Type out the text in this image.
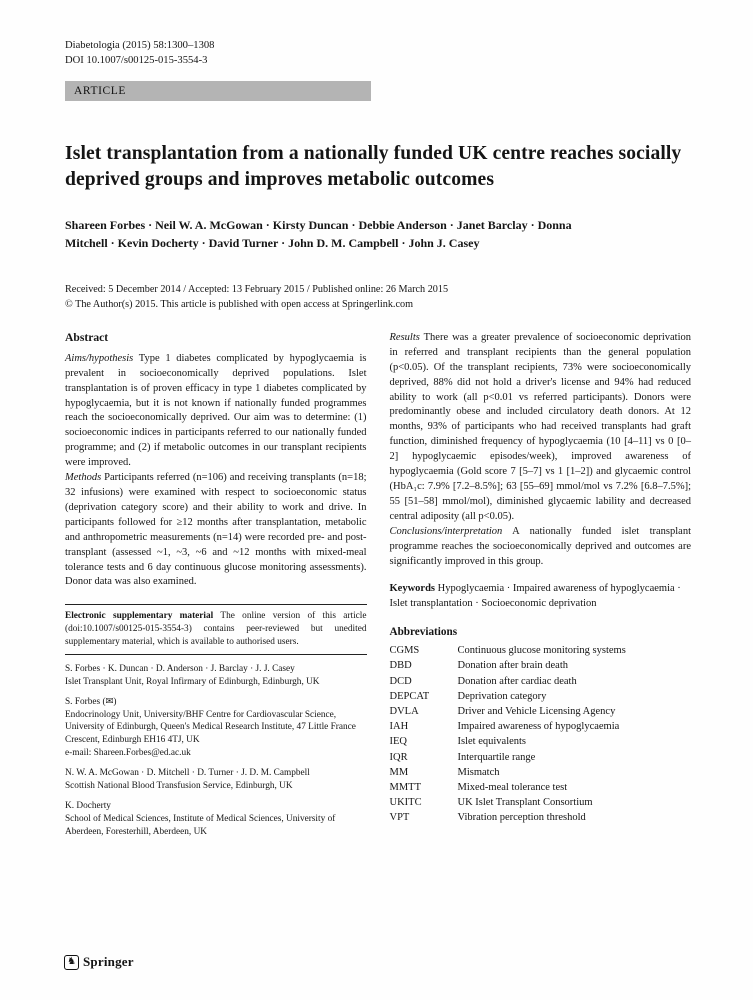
Diabetologia (2015) 58:1300–1308
DOI 10.1007/s00125-015-3554-3
ARTICLE
Islet transplantation from a nationally funded UK centre reaches socially deprived groups and improves metabolic outcomes
Shareen Forbes · Neil W. A. McGowan · Kirsty Duncan · Debbie Anderson · Janet Barclay · Donna Mitchell · Kevin Docherty · David Turner · John D. M. Campbell · John J. Casey
Received: 5 December 2014 / Accepted: 13 February 2015 / Published online: 26 March 2015
© The Author(s) 2015. This article is published with open access at Springerlink.com
Abstract

Aims/hypothesis Type 1 diabetes complicated by hypoglycaemia is prevalent in socioeconomically deprived populations. Islet transplantation is of proven efficacy in type 1 diabetes complicated by hypoglycaemia, but it is not known if nationally funded programmes reach the socioeconomically deprived. Our aim was to determine: (1) socioeconomic indices in participants referred to our nationally funded programme; and (2) if metabolic outcomes in our transplant recipients were improved.

Methods Participants referred (n=106) and receiving transplants (n=18; 32 infusions) were examined with respect to socioeconomic status (deprivation category score) and their ability to work and drive. In participants followed for ≥12 months after transplantation, metabolic and anthropometric measurements (n=14) were recorded pre- and post-transplant (assessed ~1, ~3, ~6 and ~12 months with mixed-meal tolerance tests and 6 day continuous glucose monitoring assessments). Donor data was also examined.

Electronic supplementary material The online version of this article (doi:10.1007/s00125-015-3554-3) contains peer-reviewed but unedited supplementary material, which is available to authorised users.
S. Forbes · K. Duncan · D. Anderson · J. Barclay · J. J. Casey
Islet Transplant Unit, Royal Infirmary of Edinburgh, Edinburgh, UK
S. Forbes (✉)
Endocrinology Unit, University/BHF Centre for Cardiovascular Science, University of Edinburgh, Queen's Medical Research Institute, 47 Little France Crescent, Edinburgh EH16 4TJ, UK
e-mail: Shareen.Forbes@ed.ac.uk
N. W. A. McGowan · D. Mitchell · D. Turner · J. D. M. Campbell
Scottish National Blood Transfusion Service, Edinburgh, UK
K. Docherty
School of Medical Sciences, Institute of Medical Sciences, University of Aberdeen, Foresterhill, Aberdeen, UK

Results There was a greater prevalence of socioeconomic deprivation in referred and transplant recipients than the general population (p<0.05). Of the transplant recipients, 73% were socioeconomically deprived, 88% did not hold a driver's license and 94% had reduced ability to work (all p<0.01 vs referred participants). Donors were predominantly obese and included circulatory death donors. At 12 months, 93% of participants who had received transplants had graft function, diminished frequency of hypoglycaemia (10 [4–11] vs 0 [0–2] hypoglycaemic episodes/week), improved awareness of hypoglycaemia (Gold score 7 [5–7] vs 1 [1–2]) and glycaemic control (HbA₁c: 7.9% [7.2–8.5%]; 63 [55–69] mmol/mol vs 7.2% [6.8–7.5%]; 55 [51–58] mmol/mol), diminished glycaemic lability and decreased central adiposity (all p<0.05).

Conclusions/interpretation A nationally funded islet transplant programme reaches the socioeconomically deprived and outcomes are significantly improved in this group.

Keywords Hypoglycaemia · Impaired awareness of hypoglycaemia · Islet transplantation · Socioeconomic deprivation
Abbreviations
CGMS	Continuous glucose monitoring systems
DBD	Donation after brain death
DCD	Donation after cardiac death
DEPCAT	Deprivation category
DVLA	Driver and Vehicle Licensing Agency
IAH	Impaired awareness of hypoglycaemia
IEQ	Islet equivalents
IQR	Interquartile range
MM	Mismatch
MMTT	Mixed-meal tolerance test
UKITC	UK Islet Transplant Consortium
VPT	Vibration perception threshold
♞ Springer
